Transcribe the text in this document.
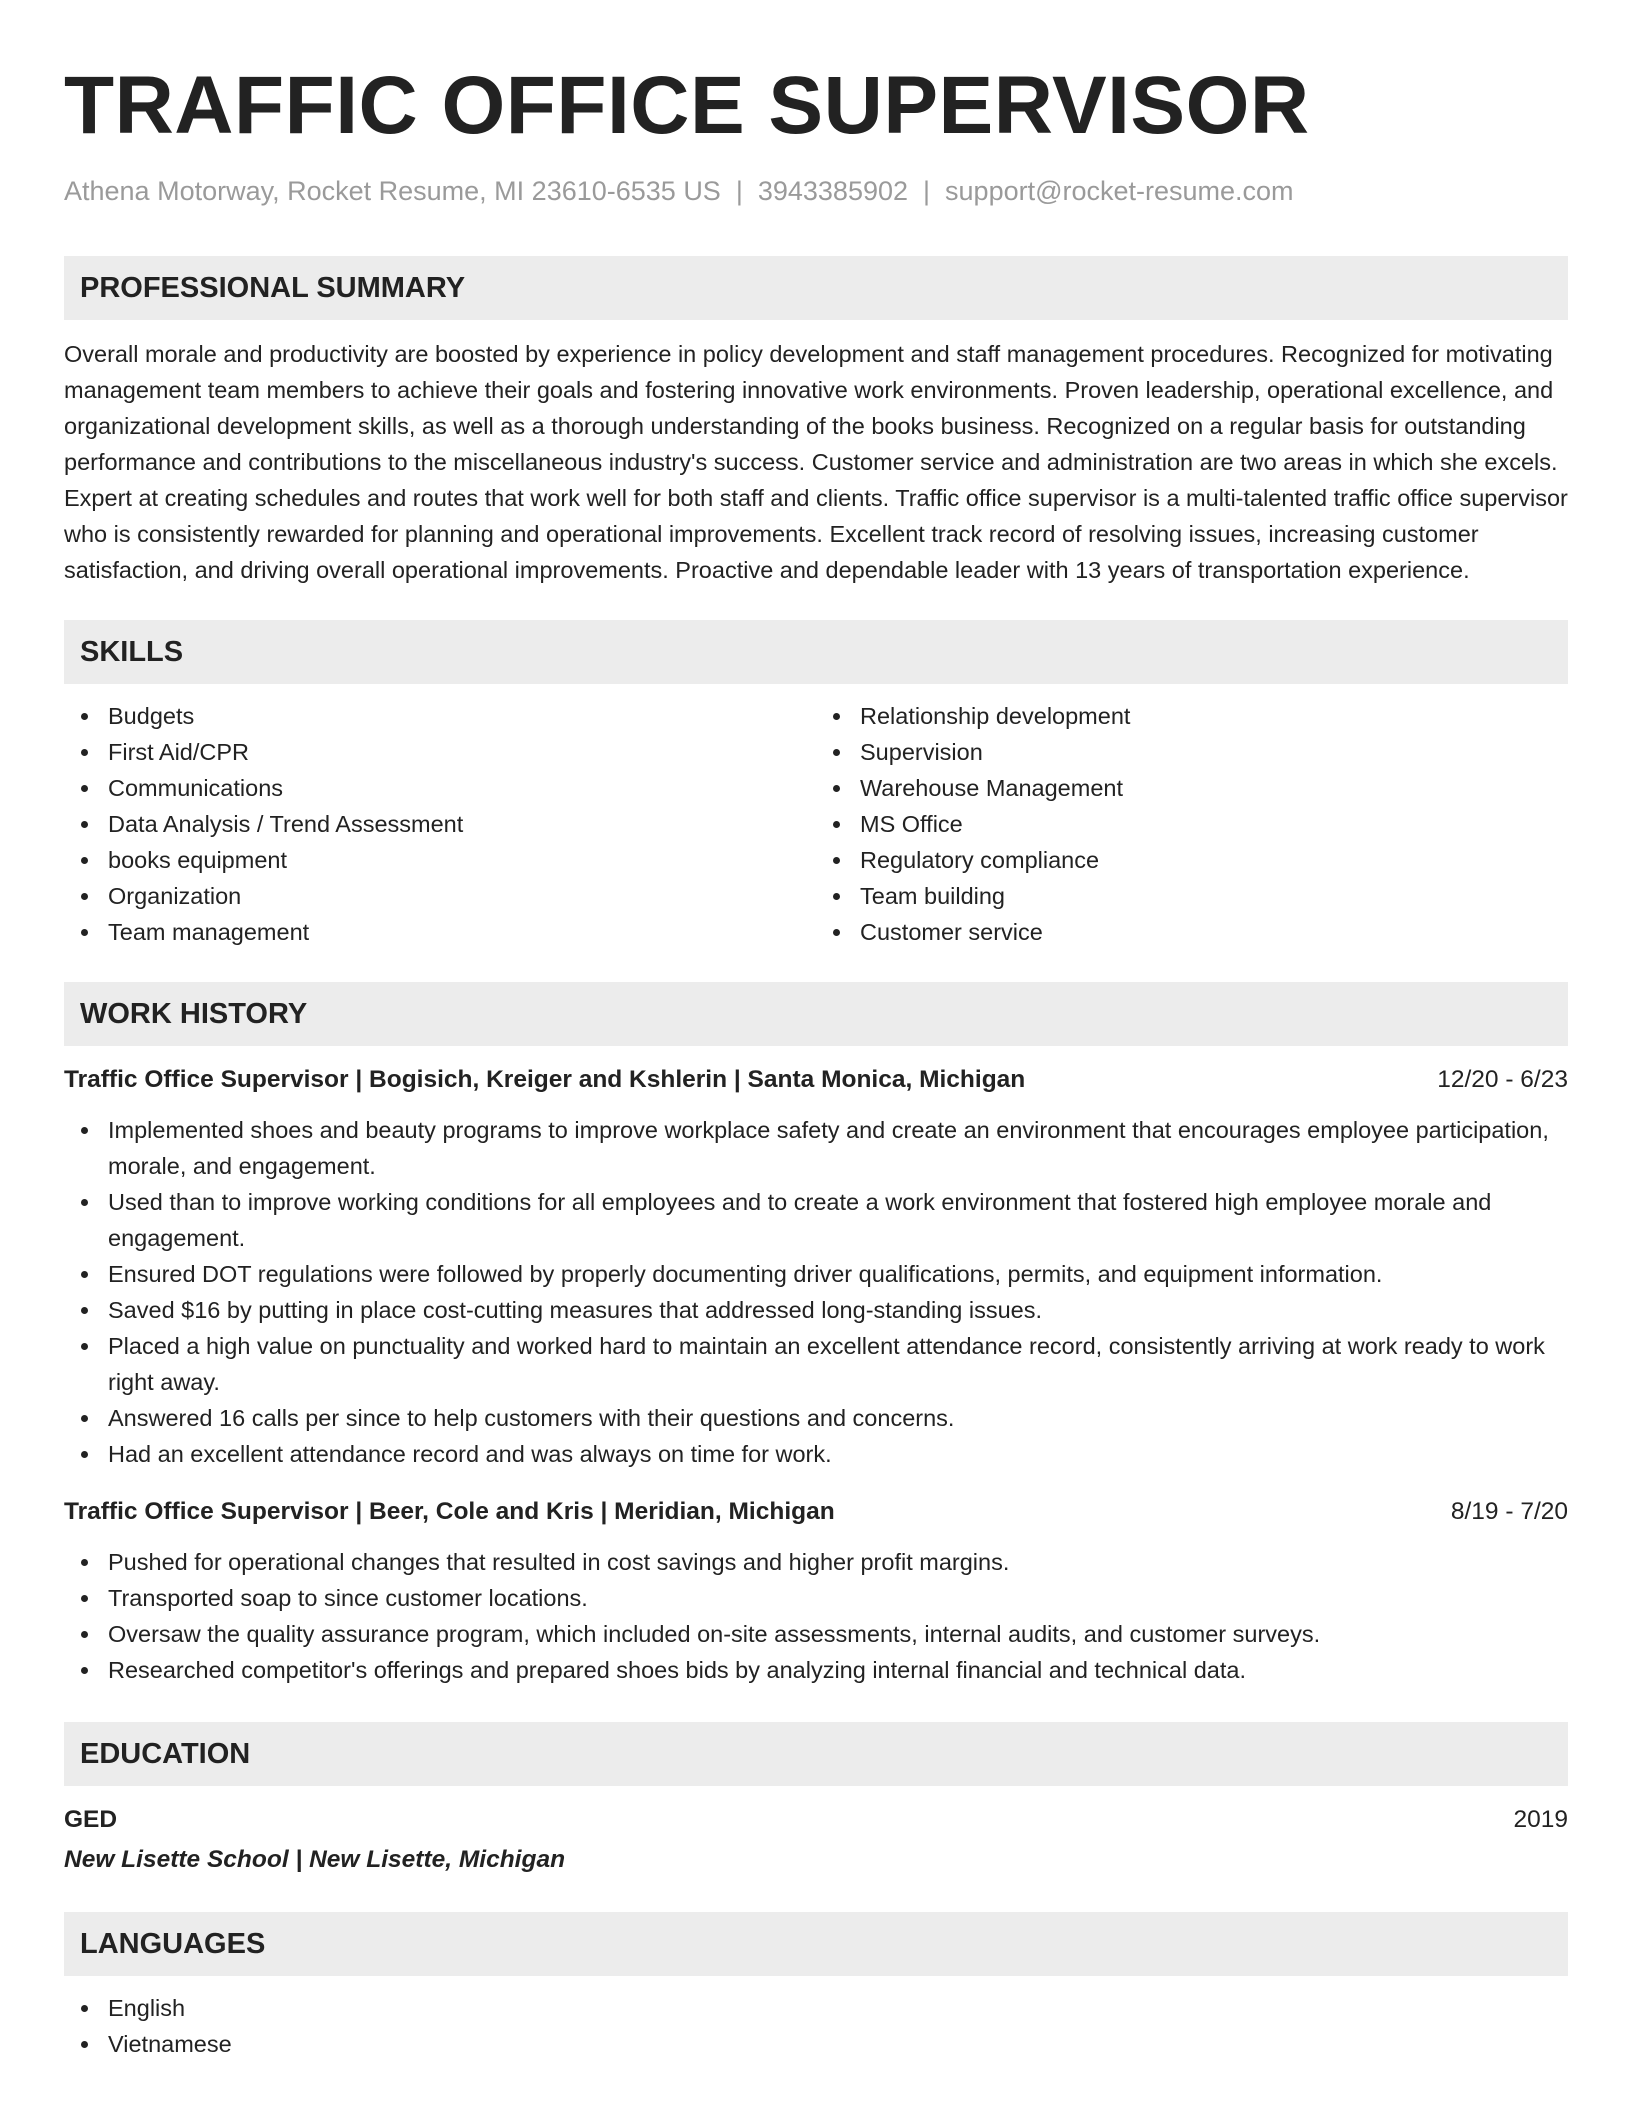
TRAFFIC OFFICE SUPERVISOR
Athena Motorway, Rocket Resume, MI 23610-6535 US | 3943385902 | support@rocket-resume.com
PROFESSIONAL SUMMARY

Overall morale and productivity are boosted by experience in policy development and staff management procedures. Recognized for motivating management team members to achieve their goals and fostering innovative work environments. Proven leadership, operational excellence, and organizational development skills, as well as a thorough understanding of the books business. Recognized on a regular basis for outstanding performance and contributions to the miscellaneous industry's success. Customer service and administration are two areas in which she excels. Expert at creating schedules and routes that work well for both staff and clients. Traffic office supervisor is a multi-talented traffic office supervisor who is consistently rewarded for planning and operational improvements. Excellent track record of resolving issues, increasing customer satisfaction, and driving overall operational improvements. Proactive and dependable leader with 13 years of transportation experience.

SKILLS
Budgets
First Aid/CPR
Communications
Data Analysis / Trend Assessment
books equipment
Organization
Team management
Relationship development
Supervision
Warehouse Management
MS Office
Regulatory compliance
Team building
Customer service
WORK HISTORY
Traffic Office Supervisor | Bogisich, Kreiger and Kshlerin | Santa Monica, Michigan	12/20 - 6/23
Implemented shoes and beauty programs to improve workplace safety and create an environment that encourages employee participation, morale, and engagement.
Used than to improve working conditions for all employees and to create a work environment that fostered high employee morale and engagement.
Ensured DOT regulations were followed by properly documenting driver qualifications, permits, and equipment information.
Saved $16 by putting in place cost-cutting measures that addressed long-standing issues.
Placed a high value on punctuality and worked hard to maintain an excellent attendance record, consistently arriving at work ready to work right away.
Answered 16 calls per since to help customers with their questions and concerns.
Had an excellent attendance record and was always on time for work.
Traffic Office Supervisor | Beer, Cole and Kris | Meridian, Michigan	8/19 - 7/20
Pushed for operational changes that resulted in cost savings and higher profit margins.
Transported soap to since customer locations.
Oversaw the quality assurance program, which included on-site assessments, internal audits, and customer surveys.
Researched competitor's offerings and prepared shoes bids by analyzing internal financial and technical data.
EDUCATION
GED	2019
New Lisette School | New Lisette, Michigan
LANGUAGES
English
Vietnamese
